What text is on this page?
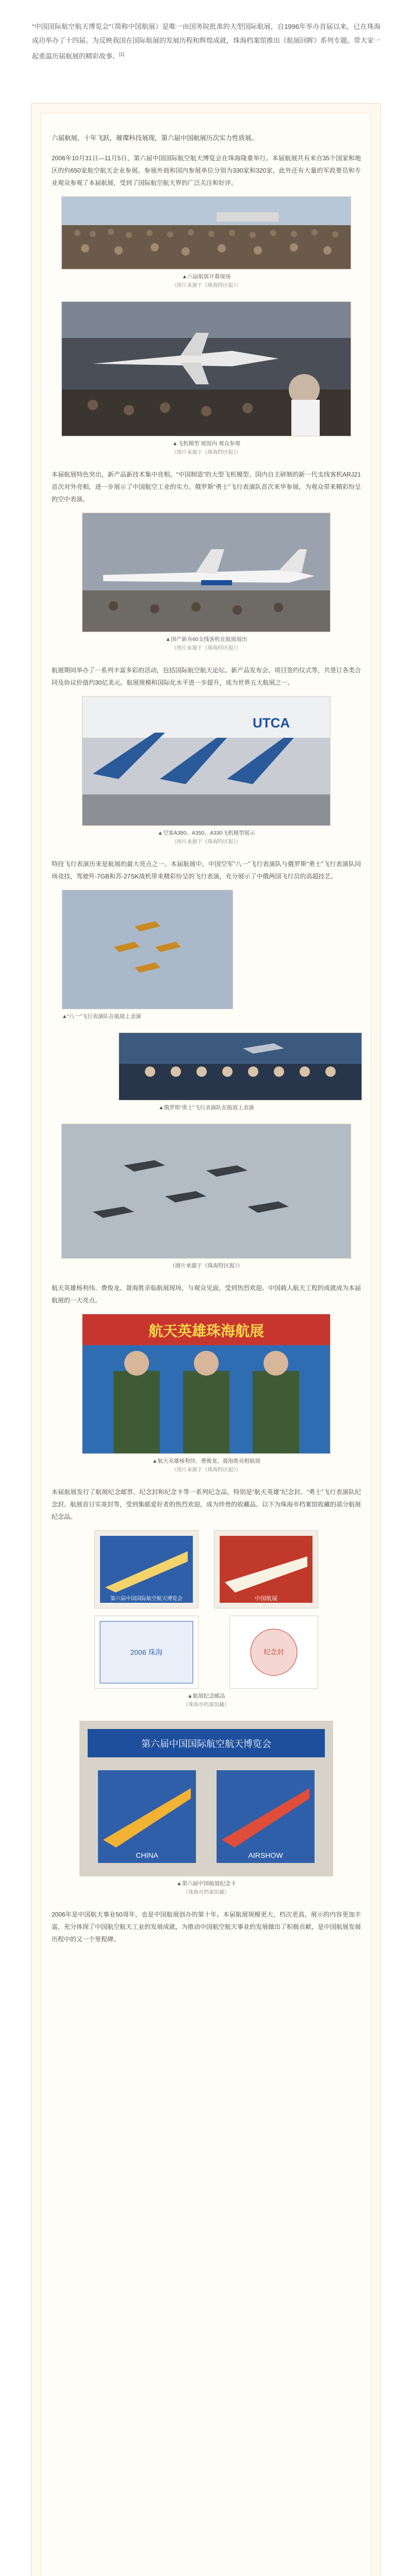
“中国国际航空航天博览会”（简称中国航展）是唯一由国务院批准的大型国际航展，自1996年举办首届以来，已在珠海成功举办了十四届。为反映我国在国际航展的发展历程和辉煌成就，珠海档案馆推出《航展回眸》系列专题。带大家一起重温历届航展的精彩故事。[1]

六届航展，十年飞跃，璀璨科技展现，第六届中国航展历次实力性质展。

2006年10月31日—11月5日，第六届中国国际航空航天博览会在珠海隆重举行。本届航展共有来自35个国家和地区的約650家航空航天企业参展。参展外商和国内参展单位分别为330家和320家，此外还有大量的军政要员和专业观众参观了本届航展，受到了国际航空航天界的广泛关注和好评。

▲六届航展开幕现场
（图片来源于《珠海特区报》）
▲飞机模型 展馆内 观众参观
（图片来源于《珠海特区报》）

本届航展特色突出，新产品新技术集中亮相。“中国制造”的大型飞机模型、国内自主研制的新一代支线客机ARJ21首次对外亮相，进一步展示了中国航空工业的实力。俄罗斯“勇士”飞行表演队首次来华参展，为观众带来精彩纷呈的空中表演。

▲国产新舟60支线客机在航展展出
（图片来源于《珠海特区报》）

航展期间举办了一系列丰富多彩的活动，包括国际航空航天论坛、新产品发布会、项目签约仪式等，共签订各类合同及协议价值约30亿美元。航展规模和国际化水平进一步提升，成为世界五大航展之一。

UTCA
▲空客A380、A350、A330飞机模型展示
（图片来源于《珠海特区报》）

特技飞行表演历来是航展的最大亮点之一。本届航展中，中国空军“八一”飞行表演队与俄罗斯“勇士”飞行表演队同场竞技，驾驶歼-7GB和苏-27SK战机带来精彩纷呈的飞行表演，充分展示了中俄两国飞行员的高超技艺。

▲“八一”飞行表演队在航展上表演
▲俄罗斯“勇士”飞行表演队在航展上表演
（图片来源于《珠海特区报》）

航天英雄杨利伟、费俊龙、聂海胜亲临航展现场，与观众见面，受到热烈欢迎。中国载人航天工程的成就成为本届航展的一大亮点。

航天英雄珠海航展
▲航天英雄杨利伟、费俊龙、聂海胜亮相航展
（图片来源于《珠海特区报》）

本届航展发行了航展纪念邮票、纪念封和纪念卡等一系列纪念品，特别是“航天英雄”纪念封、“勇士”飞行表演队纪念封、航展首日实寄封等，受到集邮爱好者的热烈欢迎，成为珍贵的收藏品。以下为珠海市档案馆收藏的部分航展纪念品。

第六届中国国际航空航天博览会	中国航展
2006 珠海	纪念封
▲航展纪念邮品
（珠海市档案馆藏）
第六届中国国际航空航天博览会
CHINA	AIRSHOW
▲第六届中国航展纪念卡
（珠海市档案馆藏）

2006年是中国航天事业50周年，也是中国航展创办的第十年。本届航展规模更大，档次更高，展示的内容更加丰富，充分体现了中国航空航天工业的发展成就，为推动中国航空航天事业的发展做出了积极贡献，是中国航展发展历程中的又一个里程碑。
